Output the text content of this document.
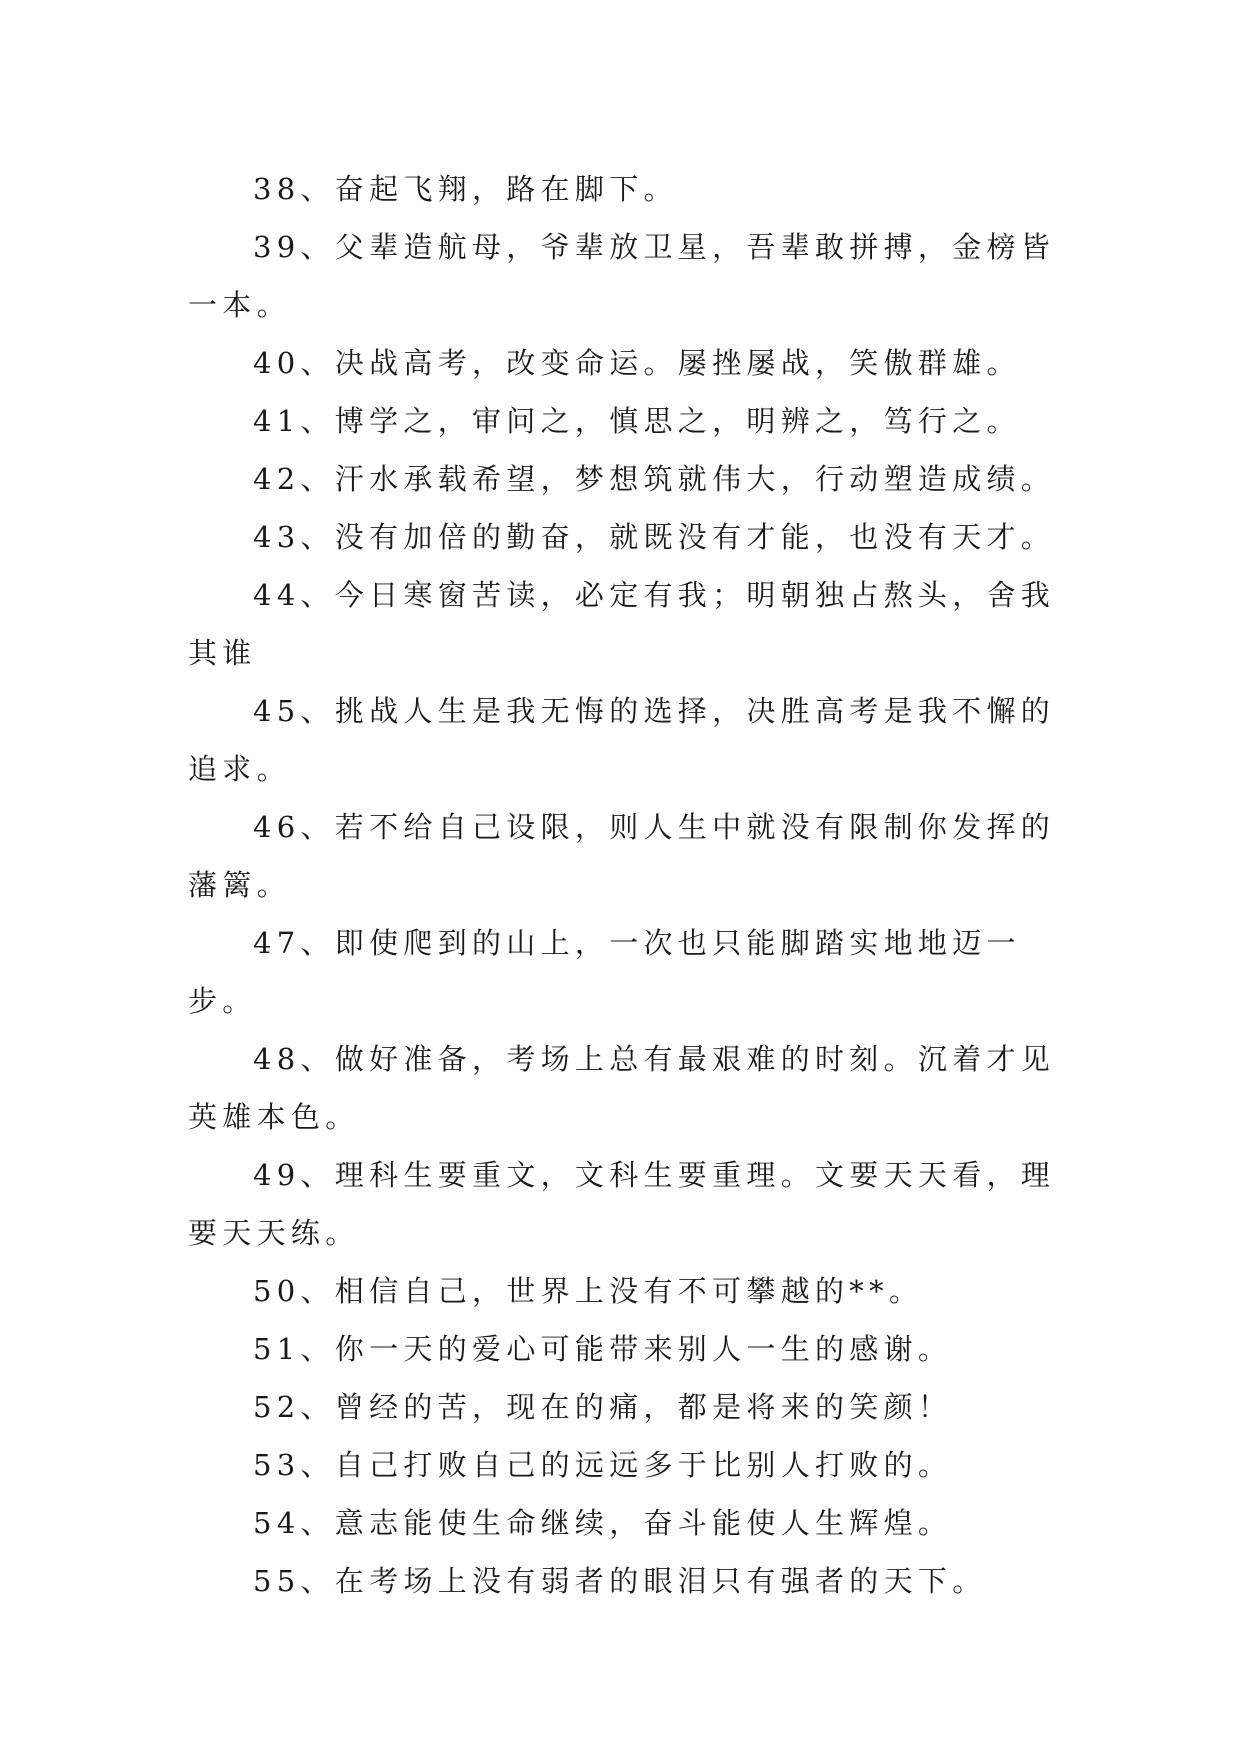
38、奋起飞翔，路在脚下。

39、父辈造航母，爷辈放卫星，吾辈敢拼搏，金榜皆一本。

40、决战高考，改变命运。屡挫屡战，笑傲群雄。

41、博学之，审问之，慎思之，明辨之，笃行之。

42、汗水承载希望，梦想筑就伟大，行动塑造成绩。

43、没有加倍的勤奋，就既没有才能，也没有天才。

44、今日寒窗苦读，必定有我；明朝独占熬头，舍我其谁

45、挑战人生是我无悔的选择，决胜高考是我不懈的追求。

46、若不给自己设限，则人生中就没有限制你发挥的藩篱。

47、即使爬到的山上，一次也只能脚踏实地地迈一步。

48、做好准备，考场上总有最艰难的时刻。沉着才见英雄本色。

49、理科生要重文，文科生要重理。文要天天看，理要天天练。

50、相信自己，世界上没有不可攀越的**。

51、你一天的爱心可能带来别人一生的感谢。

52、曾经的苦，现在的痛，都是将来的笑颜！

53、自己打败自己的远远多于比别人打败的。

54、意志能使生命继续，奋斗能使人生辉煌。

55、在考场上没有弱者的眼泪只有强者的天下。
